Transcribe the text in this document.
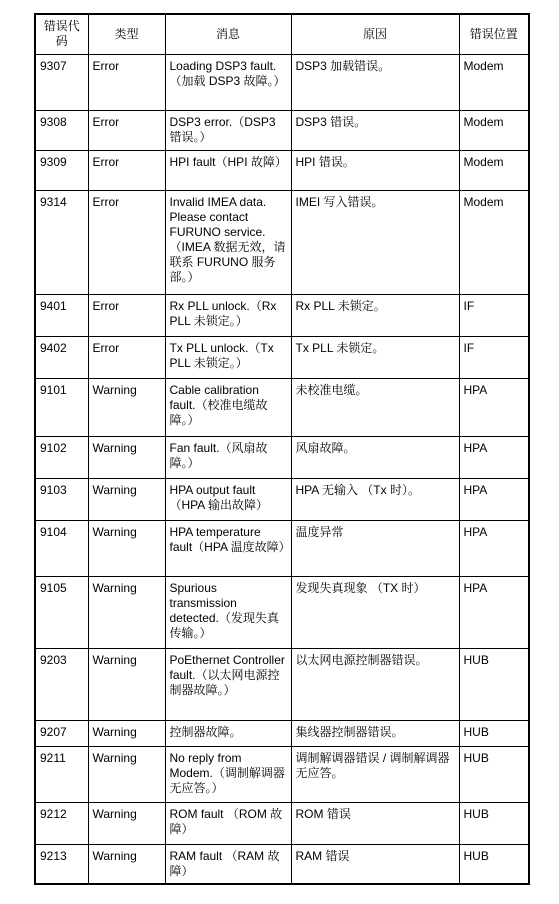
错误代码	类型	消息	原因	错误位置
9307	Error	Loading DSP3 fault.（加载 DSP3 故障。）	DSP3 加载错误。	Modem
9308	Error	DSP3 error.（DSP3 错误。）	DSP3 错误。	Modem
9309	Error	HPI fault（HPI 故障）	HPI 错误。	Modem
9314	Error	Invalid IMEA data. Please contact FURUNO service.（IMEA 数据无效，请联系 FURUNO 服务部。）	IMEI 写入错误。	Modem
9401	Error	Rx PLL unlock.（Rx PLL 未锁定。）	Rx PLL 未锁定。	IF
9402	Error	Tx PLL unlock.（Tx PLL 未锁定。）	Tx PLL 未锁定。	IF
9101	Warning	Cable calibration fault.（校准电缆故障。）	未校准电缆。	HPA
9102	Warning	Fan fault.（风扇故障。）	风扇故障。	HPA
9103	Warning	HPA output fault（HPA 输出故障）	HPA 无输入 （Tx 时）。	HPA
9104	Warning	HPA temperature fault（HPA 温度故障）	温度异常	HPA
9105	Warning	Spurious transmission detected.（发现失真传输。）	发现失真现象 （TX 时）	HPA
9203	Warning	PoEthernet Controller fault.（以太网电源控制器故障。）	以太网电源控制器错误。	HUB
9207	Warning	控制器故障。	集线器控制器错误。	HUB
9211	Warning	No reply from Modem.（调制解调器无应答。）	调制解调器错误 / 调制解调器无应答。	HUB
9212	Warning	ROM fault （ROM 故障）	ROM 错误	HUB
9213	Warning	RAM fault （RAM 故障）	RAM 错误	HUB
